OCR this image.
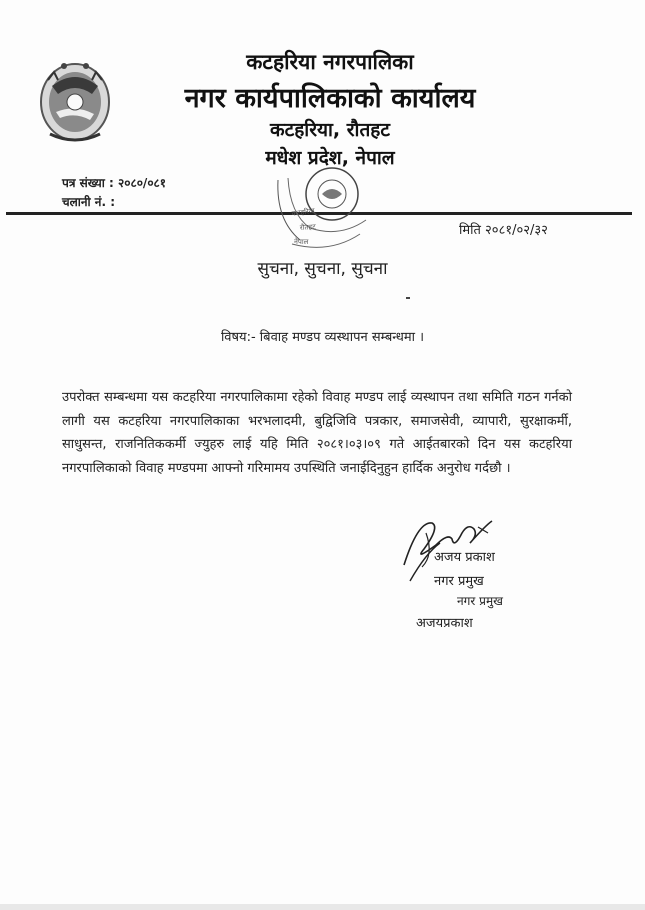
कटहरिया नगरपालिका
नगर कार्यपालिकाको कार्यालय
कटहरिया, रौतहट
मधेश प्रदेश, नेपाल
पत्र संख्या : २०८०/०८१
चलानी नं. :
कटहरिया
रौतहट
नेपाल
मिति २०८१/०२/३२
सुचना, सुचना, सुचना
विषय:- बिवाह मण्डप व्यस्थापन सम्बन्धमा ।
उपरोक्त सम्बन्धमा यस कटहरिया नगरपालिकामा रहेको विवाह मण्डप लाई व्यस्थापन तथा समिति गठन गर्नको लागी यस कटहरिया नगरपालिकाका भरभलादमी, बुद्विजिवि पत्रकार, समाजसेवी, व्यापारी, सुरक्षाकर्मी, साधुसन्त, राजनितिककर्मी ज्युहरु लाई यहि मिति २०८१।०३।०९ गते आईतबारको दिन यस कटहरिया नगरपालिकाको विवाह मण्डपमा आफ्नो गरिमामय उपस्थिति जनाईदिनुहुन हार्दिक अनुरोध गर्दछौ ।
अजय प्रकाश
नगर प्रमुख
नगर प्रमुख
अजयप्रकाश
